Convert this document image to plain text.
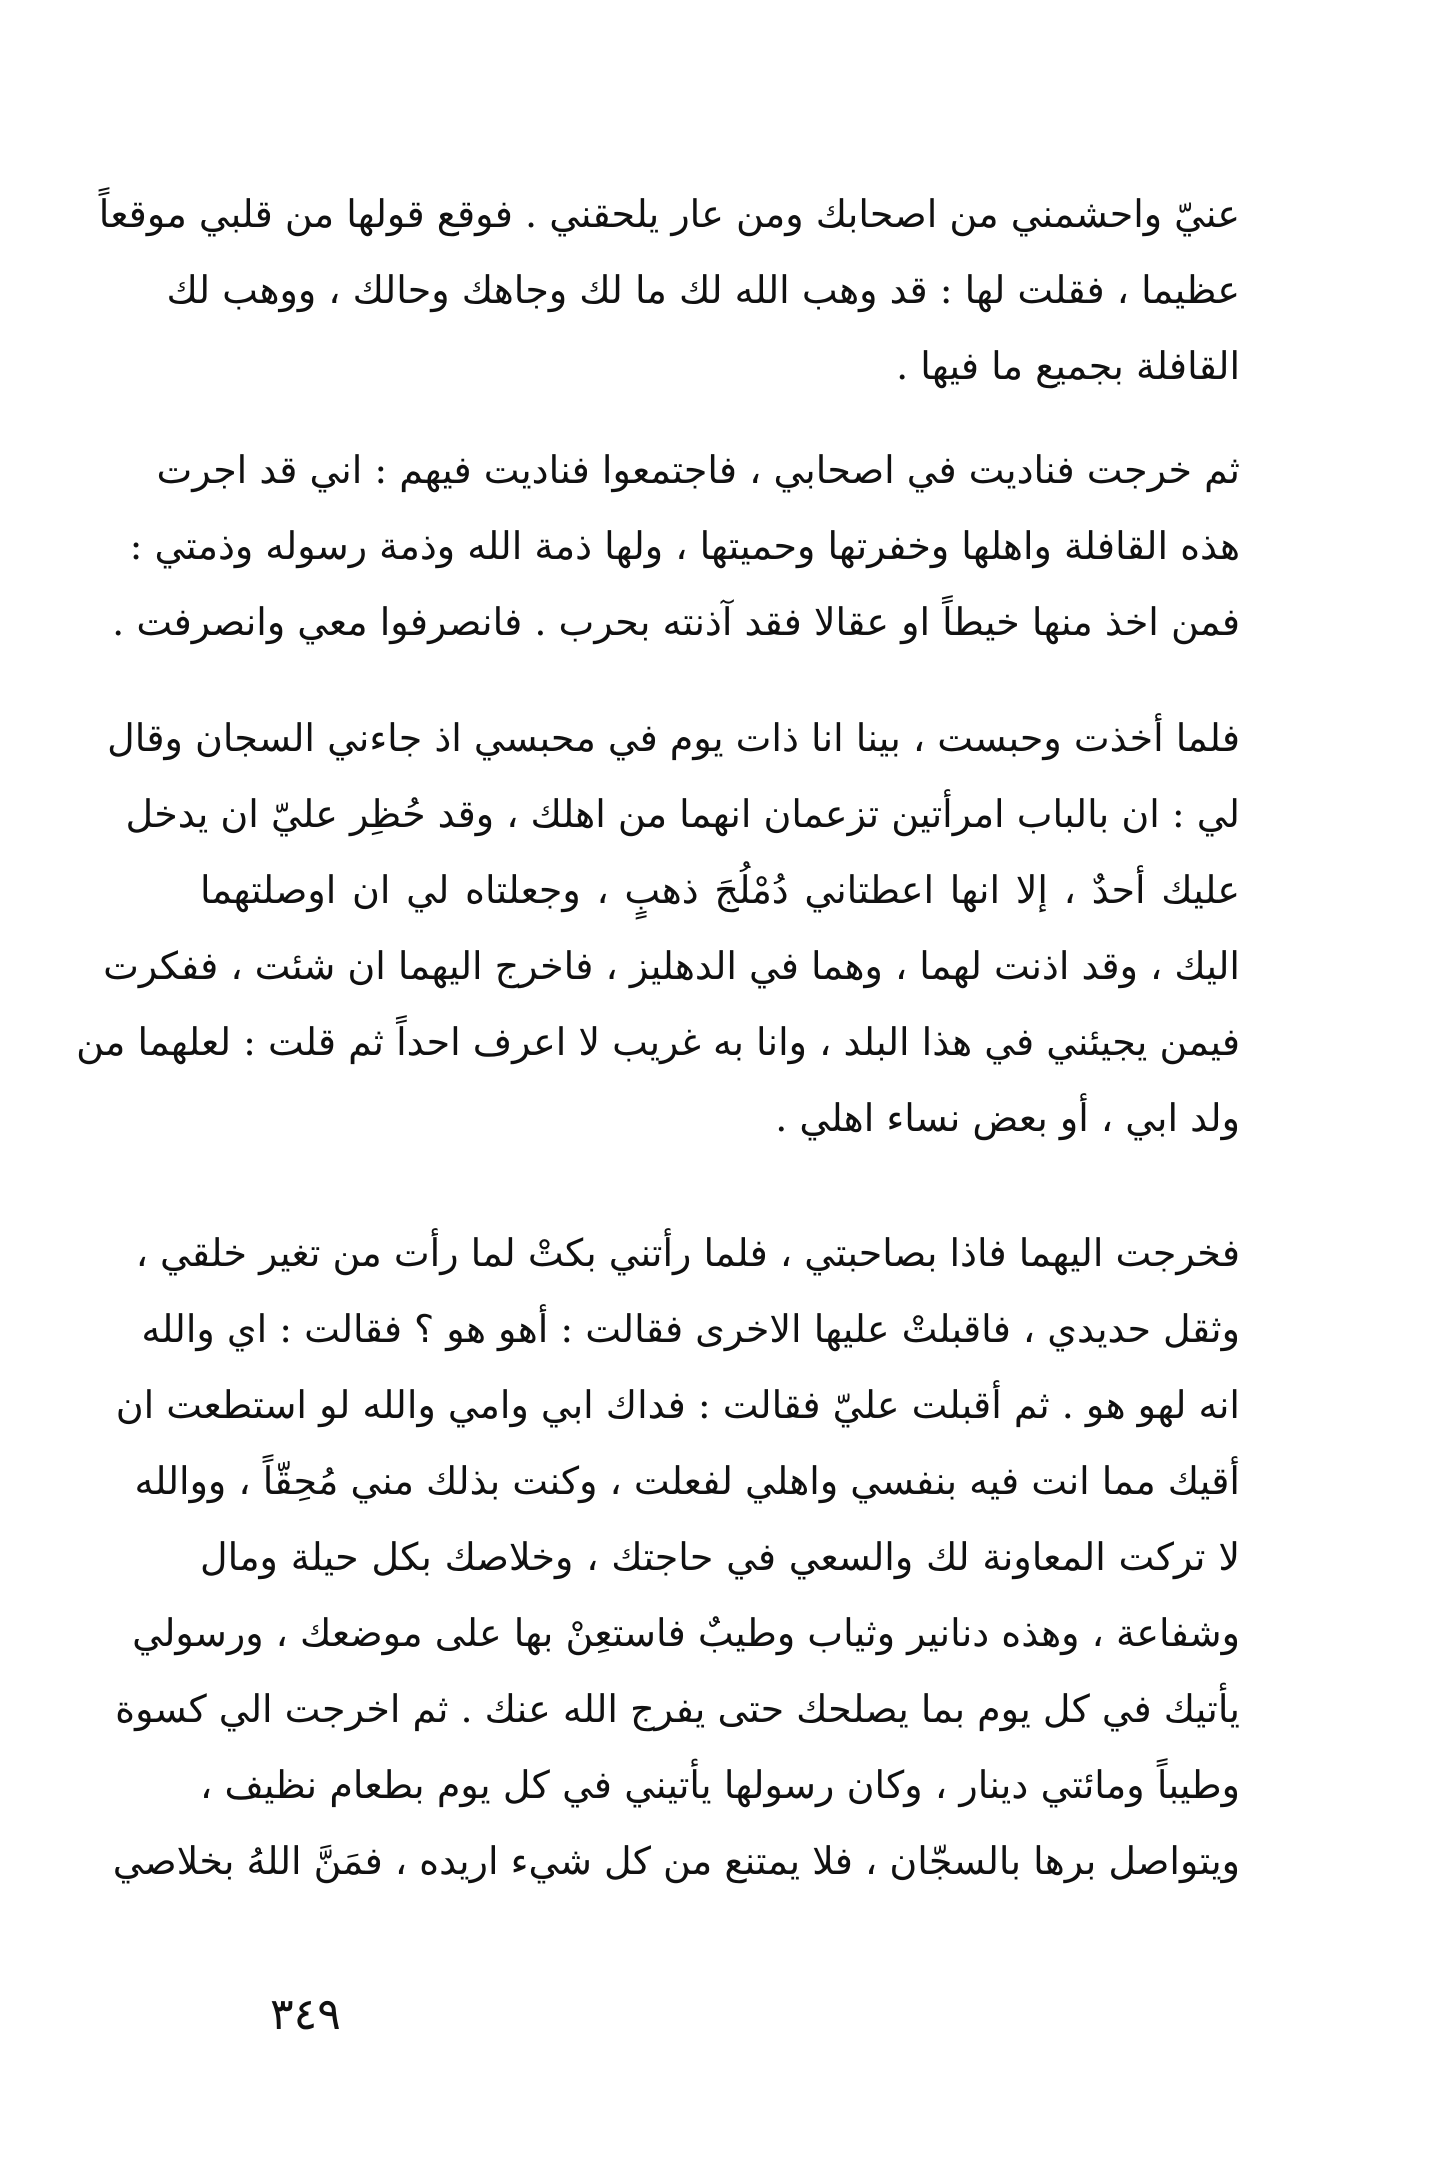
عنيّ واحشمني من اصحابك ومن عار يلحقني . فوقع قولها من قلبي موقعاً
عظيما ، فقلت لها : قد وهب الله لك ما لك وجاهك وحالك ، ووهب لك
القافلة بجميع ما فيها .
ثم خرجت فناديت في اصحابي ، فاجتمعوا فناديت فيهم : اني قد اجرت
هذه القافلة واهلها وخفرتها وحميتها ، ولها ذمة الله وذمة رسوله وذمتي :
فمن اخذ منها خيطاً او عقالا فقد آذنته بحرب . فانصرفوا معي وانصرفت .
فلما أخذت وحبست ، بينا انا ذات يوم في محبسي اذ جاءني السجان وقال
لي : ان بالباب امرأتين تزعمان انهما من اهلك ، وقد حُظِر عليّ ان يدخل
عليك أحدٌ ، إلا انها اعطتاني دُمْلُجَ ذهبٍ ، وجعلتاه لي ان اوصلتهما
اليك ، وقد اذنت لهما ، وهما في الدهليز ، فاخرج اليهما ان شئت ، ففكرت
فيمن يجيئني في هذا البلد ، وانا به غريب لا اعرف احداً ثم قلت : لعلهما من
ولد ابي ، أو بعض نساء اهلي .
فخرجت اليهما فاذا بصاحبتي ، فلما رأتني بكتْ لما رأت من تغير خلقي ،
وثقل حديدي ، فاقبلتْ عليها الاخرى فقالت : أهو هو ؟ فقالت : اي والله
انه لهو هو . ثم أقبلت عليّ فقالت : فداك ابي وامي والله لو استطعت ان
أقيك مما انت فيه بنفسي واهلي لفعلت ، وكنت بذلك مني مُحِقّاً ، ووالله
لا تركت المعاونة لك والسعي في حاجتك ، وخلاصك بكل حيلة ومال
وشفاعة ، وهذه دنانير وثياب وطيبٌ فاستعِنْ بها على موضعك ، ورسولي
يأتيك في كل يوم بما يصلحك حتى يفرج الله عنك . ثم اخرجت الي كسوة
وطيباً ومائتي دينار ، وكان رسولها يأتيني في كل يوم بطعام نظيف ،
ويتواصل برها بالسجّان ، فلا يمتنع من كل شيء اريده ، فمَنَّ اللهُ بخلاصي
٣٤٩
